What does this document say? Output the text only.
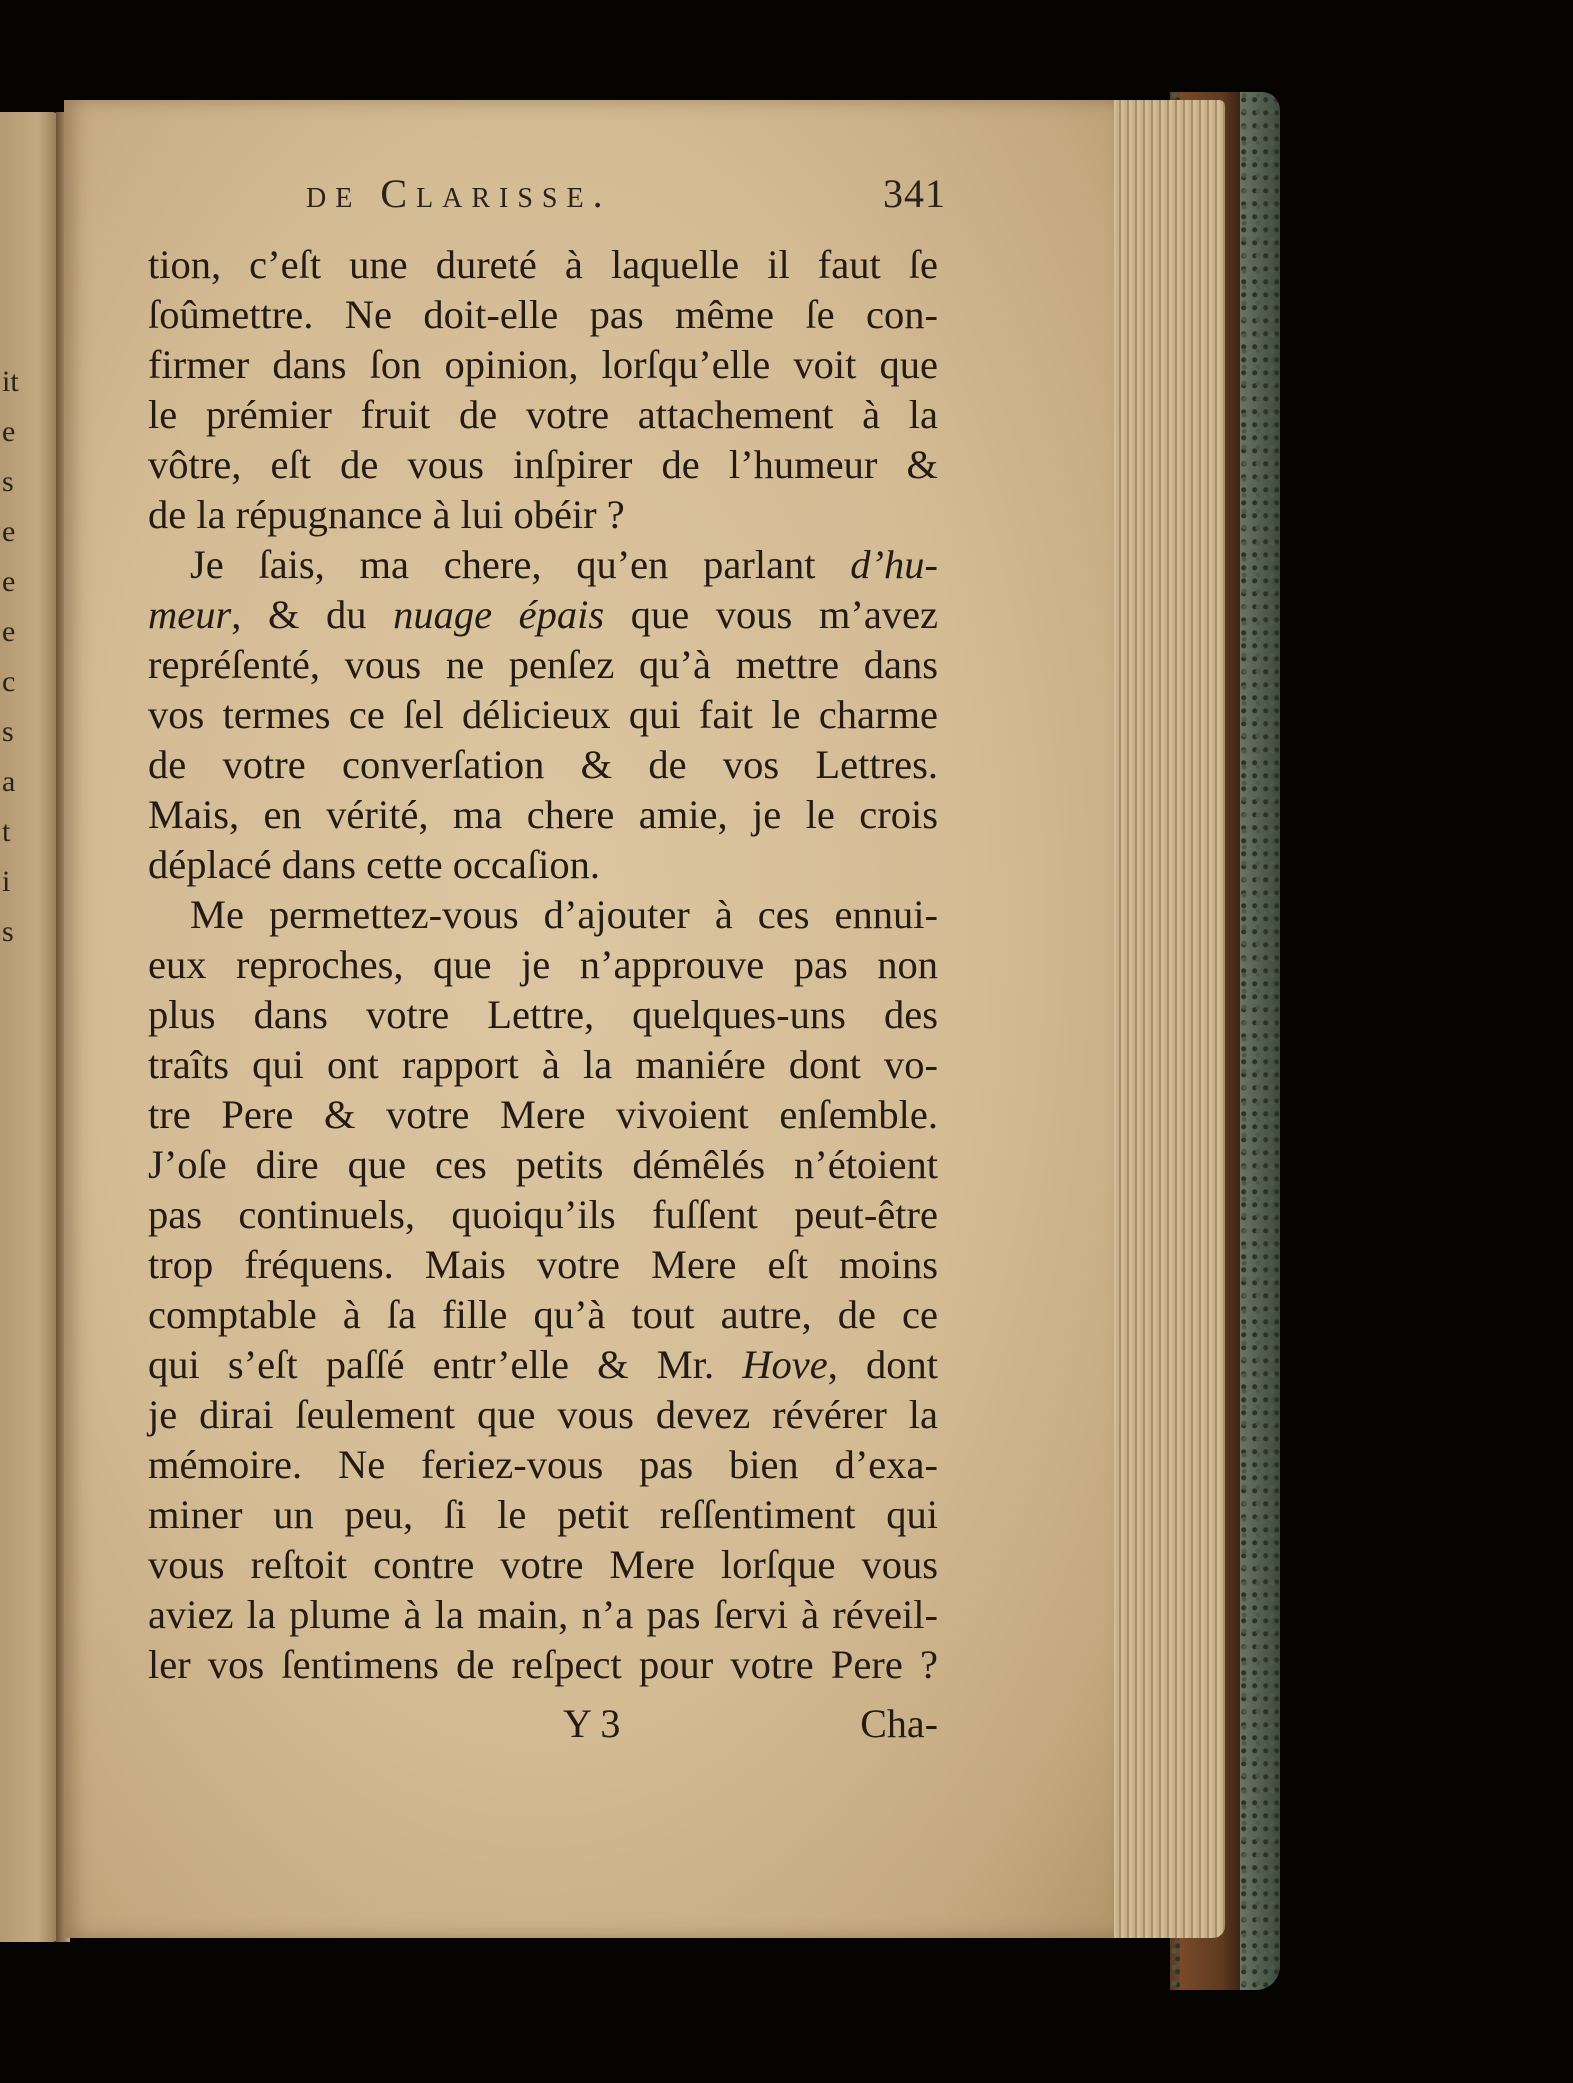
it
e
s
e
e
e
c
s
a
t
i
s
de Clarisse.	341
tion, c’eſt une dureté à laquelle il faut ſe
ſoûmettre. Ne doit-elle pas même ſe con-
firmer dans ſon opinion, lorſqu’elle voit que
le prémier fruit de votre attachement à la
vôtre, eſt de vous inſpirer de l’humeur &
de la répugnance à lui obéir ?
Je ſais, ma chere, qu’en parlant d’hu-
meur, & du nuage épais que vous m’avez
repréſenté, vous ne penſez qu’à mettre dans
vos termes ce ſel délicieux qui fait le charme
de votre converſation & de vos Lettres.
Mais, en vérité, ma chere amie, je le crois
déplacé dans cette occaſion.
Me permettez-vous d’ajouter à ces ennui-
eux reproches, que je n’approuve pas non
plus dans votre Lettre, quelques-uns des
traîts qui ont rapport à la maniére dont vo-
tre Pere & votre Mere vivoient enſemble.
J’oſe dire que ces petits démêlés n’étoient
pas continuels, quoiqu’ils fuſſent peut-être
trop fréquens. Mais votre Mere eſt moins
comptable à ſa fille qu’à tout autre, de ce
qui s’eſt paſſé entr’elle & Mr. Hove, dont
je dirai ſeulement que vous devez révérer la
mémoire. Ne feriez-vous pas bien d’exa-
miner un peu, ſi le petit reſſentiment qui
vous reſtoit contre votre Mere lorſque vous
aviez la plume à la main, n’a pas ſervi à réveil-
ler vos ſentimens de reſpect pour votre Pere ?
Y 3	Cha-
